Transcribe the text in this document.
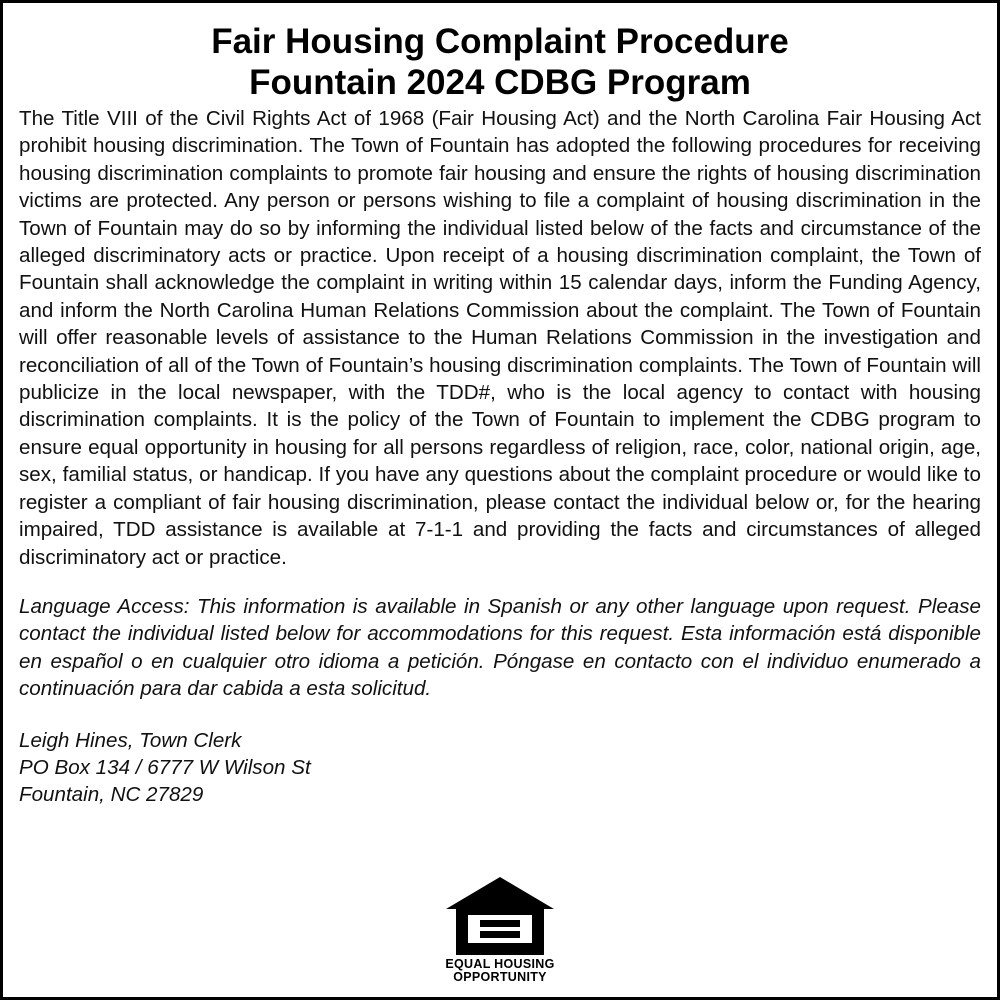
Fair Housing Complaint Procedure
Fountain 2024 CDBG Program

The Title VIII of the Civil Rights Act of 1968 (Fair Housing Act) and the North Carolina Fair Housing Act prohibit housing discrimination. The Town of Fountain has adopted the following procedures for receiving housing discrimination complaints to promote fair housing and ensure the rights of housing discrimination victims are protected. Any person or persons wishing to file a complaint of housing discrimination in the Town of Fountain may do so by informing the individual listed below of the facts and circumstance of the alleged discriminatory acts or practice. Upon receipt of a housing discrimination complaint, the Town of Fountain shall acknowledge the complaint in writing within 15 calendar days, inform the Funding Agency, and inform the North Carolina Human Relations Commission about the complaint. The Town of Fountain will offer reasonable levels of assistance to the Human Relations Commission in the investigation and reconciliation of all of the Town of Fountain’s housing discrimination complaints. The Town of Fountain will publicize in the local newspaper, with the TDD#, who is the local agency to contact with housing discrimination complaints. It is the policy of the Town of Fountain to implement the CDBG program to ensure equal opportunity in housing for all persons regardless of religion, race, color, national origin, age, sex, familial status, or handicap. If you have any questions about the complaint procedure or would like to register a compliant of fair housing discrimination, please contact the individual below or, for the hearing impaired, TDD assistance is available at 7-1-1 and providing the facts and circumstances of alleged discriminatory act or practice.

Language Access: This information is available in Spanish or any other language upon request. Please contact the individual listed below for accommodations for this request. Esta información está disponible en español o en cualquier otro idioma a petición. Póngase en contacto con el individuo enumerado a continuación para dar cabida a esta solicitud.

Leigh Hines, Town Clerk
PO Box 134 / 6777 W Wilson St
Fountain, NC 27829
EQUAL HOUSING
OPPORTUNITY
